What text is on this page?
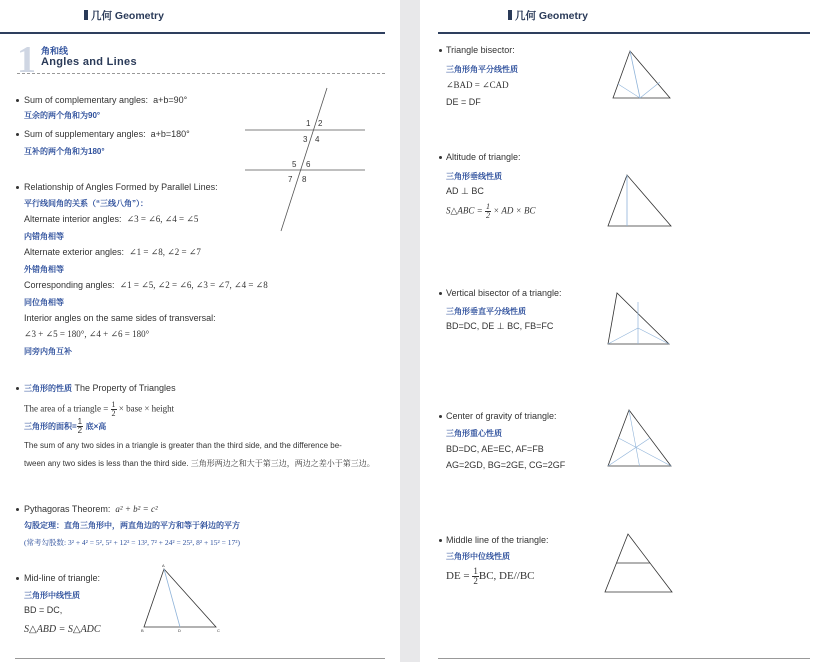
几何 Geometry
1 角和线
Angles and Lines
Sum of complementary angles: a+b=90°
互余的两个角和为90°
Sum of supplementary angles: a+b=180°
互补的两个角和为180°
1 2
3 4
5 6
7 8
Relationship of Angles Formed by Parallel Lines:
平行线间角的关系（“三线八角”）：
Alternate interior angles: ∠3 = ∠6, ∠4 = ∠5
内错角相等
Alternate exterior angles: ∠1 = ∠8, ∠2 = ∠7
外错角相等
Corresponding angles: ∠1 = ∠5, ∠2 = ∠6, ∠3 = ∠7, ∠4 = ∠8
同位角相等
Interior angles on the same sides of transversal:
∠3 + ∠5 = 180°, ∠4 + ∠6 = 180°
同旁内角互补
三角形的性质 The Property of Triangles
The area of a triangle = $\frac{1}{2}$ × base × height
三角形的面积= $\frac{1}{2}$ 底×高
The sum of any two sides in a triangle is greater than the third side, and the difference be-
tween any two sides is less than the third side. 三角形两边之和大于第三边，两边之差小于第三边。
Pythagoras Theorem: a² + b² = c²
勾股定理：直角三角形中，两直角边的平方和等于斜边的平方
(常考勾股数: 3² + 4² = 5², 5² + 12² = 13², 7² + 24² = 25², 8² + 15² = 17²)
Mid-line of triangle:
三角形中线性质
BD = DC,
S△ABD = S△ADC
A
B	D	C
几何 Geometry
Triangle bisector:
三角形角平分线性质
∠BAD = ∠CAD
DE = DF
Altitude of triangle:
三角形垂线性质
AD ⊥ BC
S△ABC = $\frac{1}{2}$ × AD × BC
Vertical bisector of a triangle:
三角形垂直平分线性质
BD=DC, DE ⊥ BC, FB=FC
Center of gravity of triangle:
三角形重心性质
BD=DC, AE=EC, AF=FB
AG=2GD, BG=2GE, CG=2GF
Middle line of the triangle:
三角形中位线性质
DE = $\frac{1}{2}$ BC, DE//BC
